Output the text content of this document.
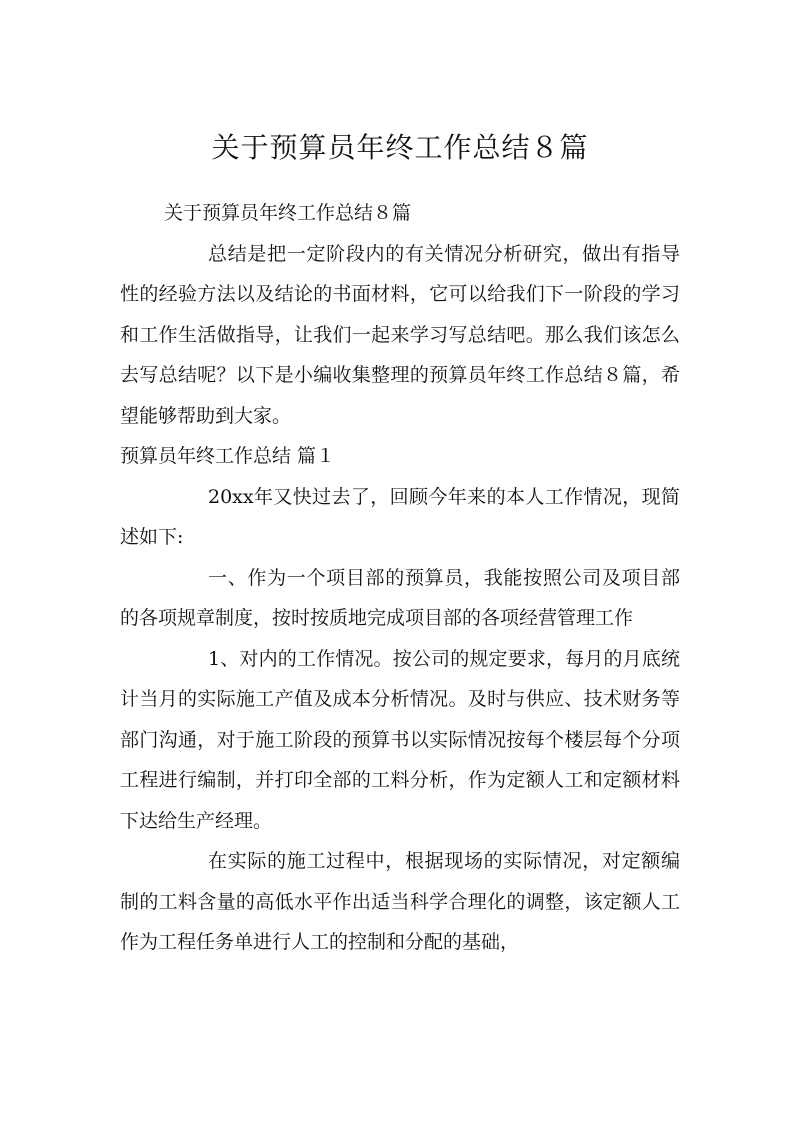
关于预算员年终工作总结８篇

关于预算员年终工作总结８篇

总结是把一定阶段内的有关情况分析研究，做出有指导性的经验方法以及结论的书面材料，它可以给我们下一阶段的学习和工作生活做指导，让我们一起来学习写总结吧。那么我们该怎么去写总结呢？以下是小编收集整理的预算员年终工作总结８篇，希望能够帮助到大家。

预算员年终工作总结 篇１

20xx年又快过去了，回顾今年来的本人工作情况，现简述如下:

一、作为一个项目部的预算员，我能按照公司及项目部的各项规章制度，按时按质地完成项目部的各项经营管理工作

1、对内的工作情况。按公司的规定要求，每月的月底统计当月的实际施工产值及成本分析情况。及时与供应、技术财务等部门沟通，对于施工阶段的预算书以实际情况按每个楼层每个分项工程进行编制，并打印全部的工料分析，作为定额人工和定额材料下达给生产经理。

在实际的施工过程中，根据现场的实际情况，对定额编制的工料含量的高低水平作出适当科学合理化的调整，该定额人工作为工程任务单进行人工的控制和分配的基础，
